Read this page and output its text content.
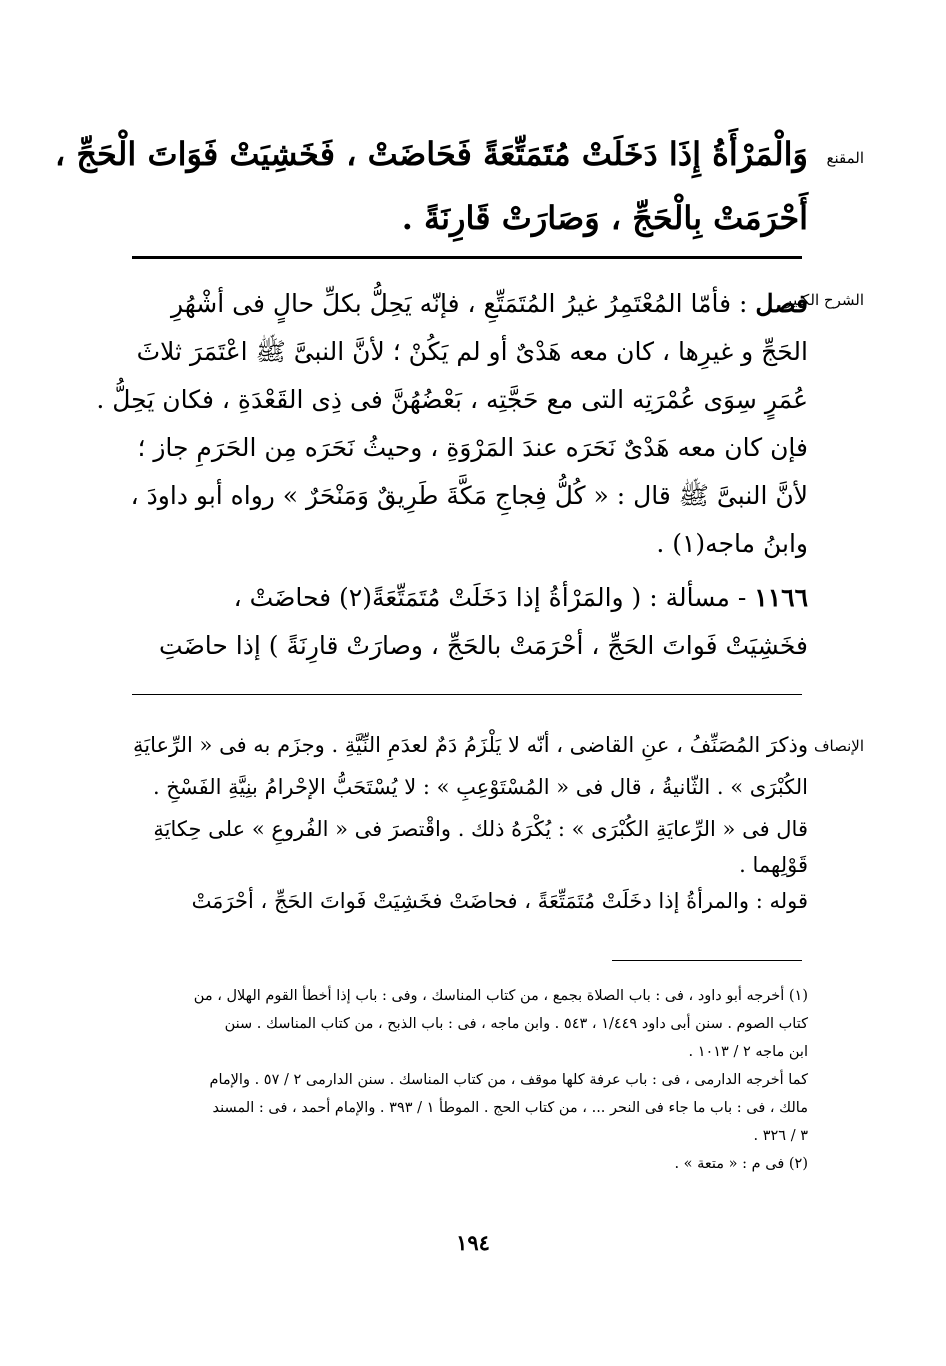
المقنع
وَالْمَرْأَةُ إِذَا دَخَلَتْ مُتَمَتِّعَةً فَحَاضَتْ ، فَخَشِيَتْ فَوَاتَ الْحَجِّ ،
أَحْرَمَتْ بِالْحَجِّ ، وَصَارَتْ قَارِنَةً .
الشرح الكبير
فصل : فأمّا المُعْتَمِرُ غيرُ المُتَمَتِّعِ ، فإنّه يَحِلُّ بكلِّ حالٍ فى أشْهُرِ
الحَجِّ و غيرِها ، كان معه هَدْىٌ أو لم يَكُنْ ؛ لأنَّ النبىَّ ﷺ اعْتَمَرَ ثلاثَ
عُمَرٍ سِوَى عُمْرَتِه التى مع حَجَّتِه ، بَعْضُهُنَّ فى ذِى القَعْدَةِ ، فكان يَحِلُّ .
فإن كان معه هَدْىٌ نَحَرَه عندَ المَرْوَةِ ، وحيثُ نَحَرَه مِن الحَرَمِ جاز ؛
لأنَّ النبىَّ ﷺ قال : « كُلُّ فِجاجِ مَكَّةَ طَرِيقٌ وَمَنْحَرٌ » رواه أبو داودَ ،
وابنُ ماجه(١) .
١١٦٦ - مسألة : ( والمَرْأةُ إذا دَخَلَتْ مُتَمَتِّعَةً(٢) فحاضَتْ ،
فخَشِيَتْ فَواتَ الحَجِّ ، أحْرَمَتْ بالحَجِّ ، وصارَتْ قارِنَةً ) إذا حاضَتِ
الإنصاف
وذكرَ المُصَنِّفُ ، عنِ القاضى ، أنّه لا يَلْزَمُ دَمٌ لعدَمِ النِّيَّةِ . وجزَم به فى « الرِّعايَةِ
الكُبْرَى » . الثّانيةُ ، قال فى « المُسْتَوْعِبِ » : لا يُسْتَحَبُّ الإحْرامُ بنِيَّةِ الفَسْخِ .
قال فى « الرِّعايَةِ الكُبْرَى » : يُكْرَهُ ذلك . واقْتصرَ فى « الفُروعِ » على حِكايَةِ
قَوْلِهما .
قوله : والمرأةُ إذا دخَلَتْ مُتَمَتِّعَةً ، فحاضَتْ فخَشِيَتْ فَواتَ الحَجِّ ، أحْرَمَتْ
(١) أخرجه أبو داود ، فى : باب الصلاة بجمع ، من كتاب المناسك ، وفى : باب إذا أخطأ القوم الهلال ، من
كتاب الصوم . سنن أبى داود ١/٤٤٩ ، ٥٤٣ . وابن ماجه ، فى : باب الذبح ، من كتاب المناسك . سنن
ابن ماجه ٢ / ١٠١٣ .
كما أخرجه الدارمى ، فى : باب عرفة كلها موقف ، من كتاب المناسك . سنن الدارمى ٢ / ٥٧ . والإمام
مالك ، فى : باب ما جاء فى النحر ... ، من كتاب الحج . الموطأ ١ / ٣٩٣ . والإمام أحمد ، فى : المسند
٣ / ٣٢٦ .
(٢) فى م : « متعة » .
١٩٤
